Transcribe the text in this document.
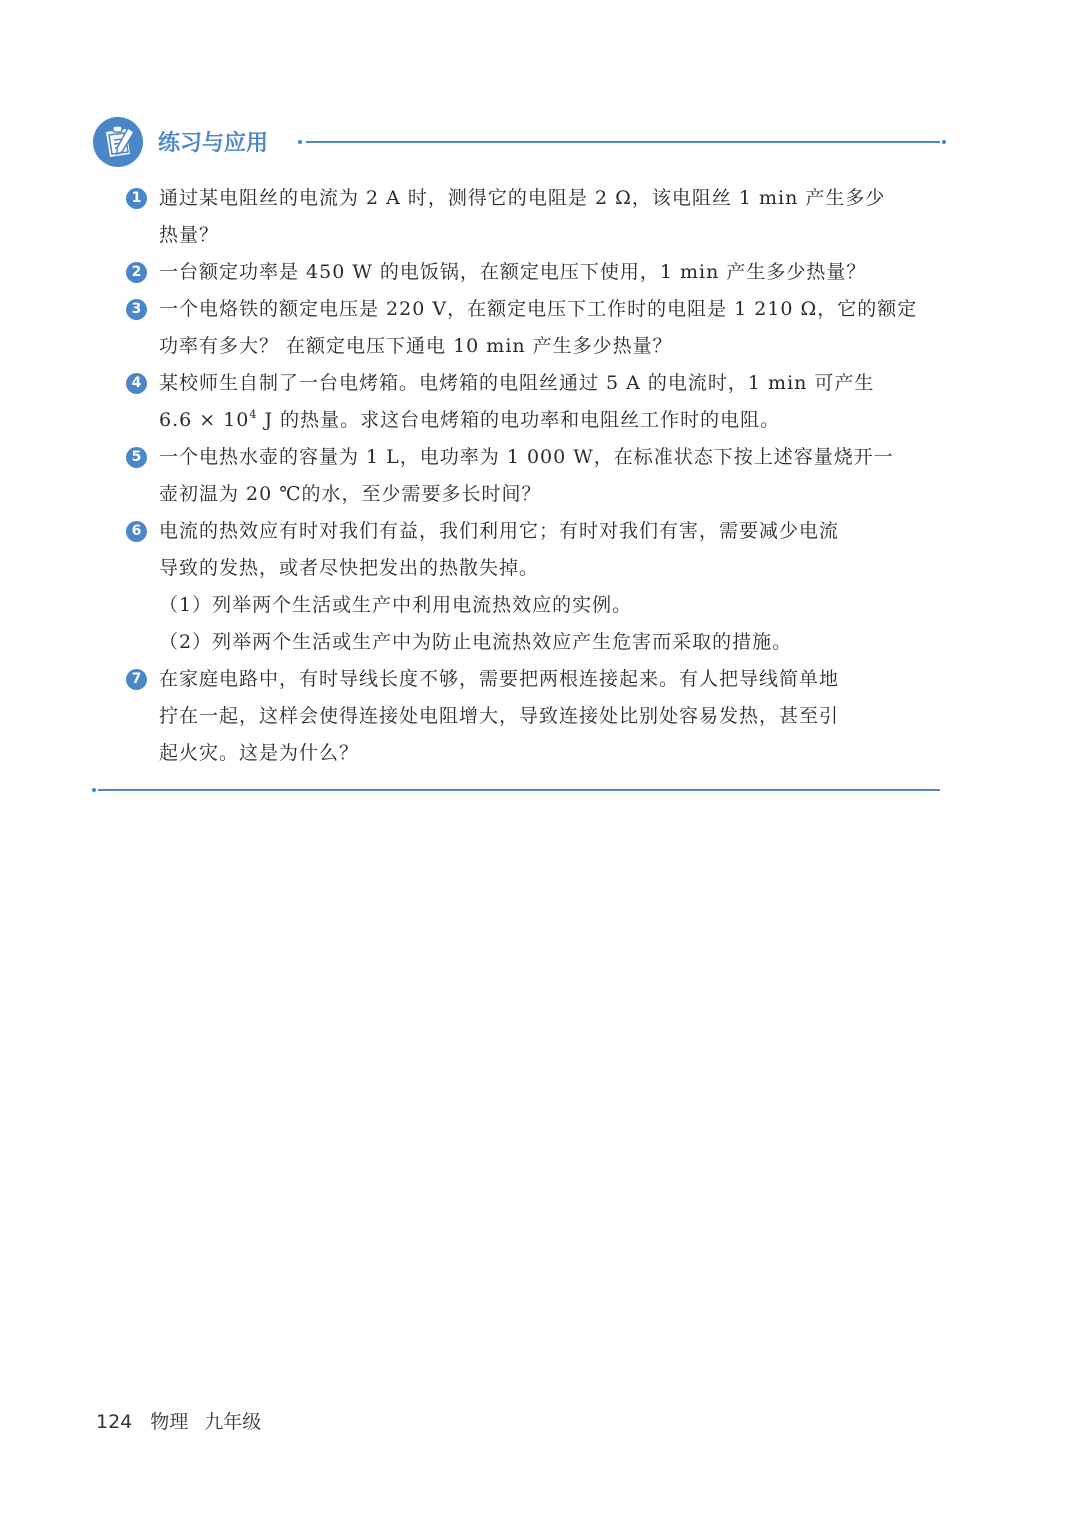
练习与应用
1 通过某电阻丝的电流为 2 A 时，测得它的电阻是 2 Ω，该电阻丝 1 min 产生多少
热量？
2 一台额定功率是 450 W 的电饭锅，在额定电压下使用，1 min 产生多少热量？
3 一个电烙铁的额定电压是 220 V，在额定电压下工作时的电阻是 1 210 Ω，它的额定
功率有多大？ 在额定电压下通电 10 min 产生多少热量？
4 某校师生自制了一台电烤箱。电烤箱的电阻丝通过 5 A 的电流时，1 min 可产生
$6.6 \times 10^4$ J 的热量。求这台电烤箱的电功率和电阻丝工作时的电阻。
5 一个电热水壶的容量为 1 L，电功率为 1 000 W，在标准状态下按上述容量烧开一
壶初温为 20 ℃的水，至少需要多长时间？
6 电流的热效应有时对我们有益，我们利用它；有时对我们有害，需要减少电流
导致的发热，或者尽快把发出的热散失掉。
（1）列举两个生活或生产中利用电流热效应的实例。
（2）列举两个生活或生产中为防止电流热效应产生危害而采取的措施。
7 在家庭电路中，有时导线长度不够，需要把两根连接起来。有人把导线简单地
拧在一起，这样会使得连接处电阻增大，导致连接处比别处容易发热，甚至引
起火灾。这是为什么？
124 物理 九年级
